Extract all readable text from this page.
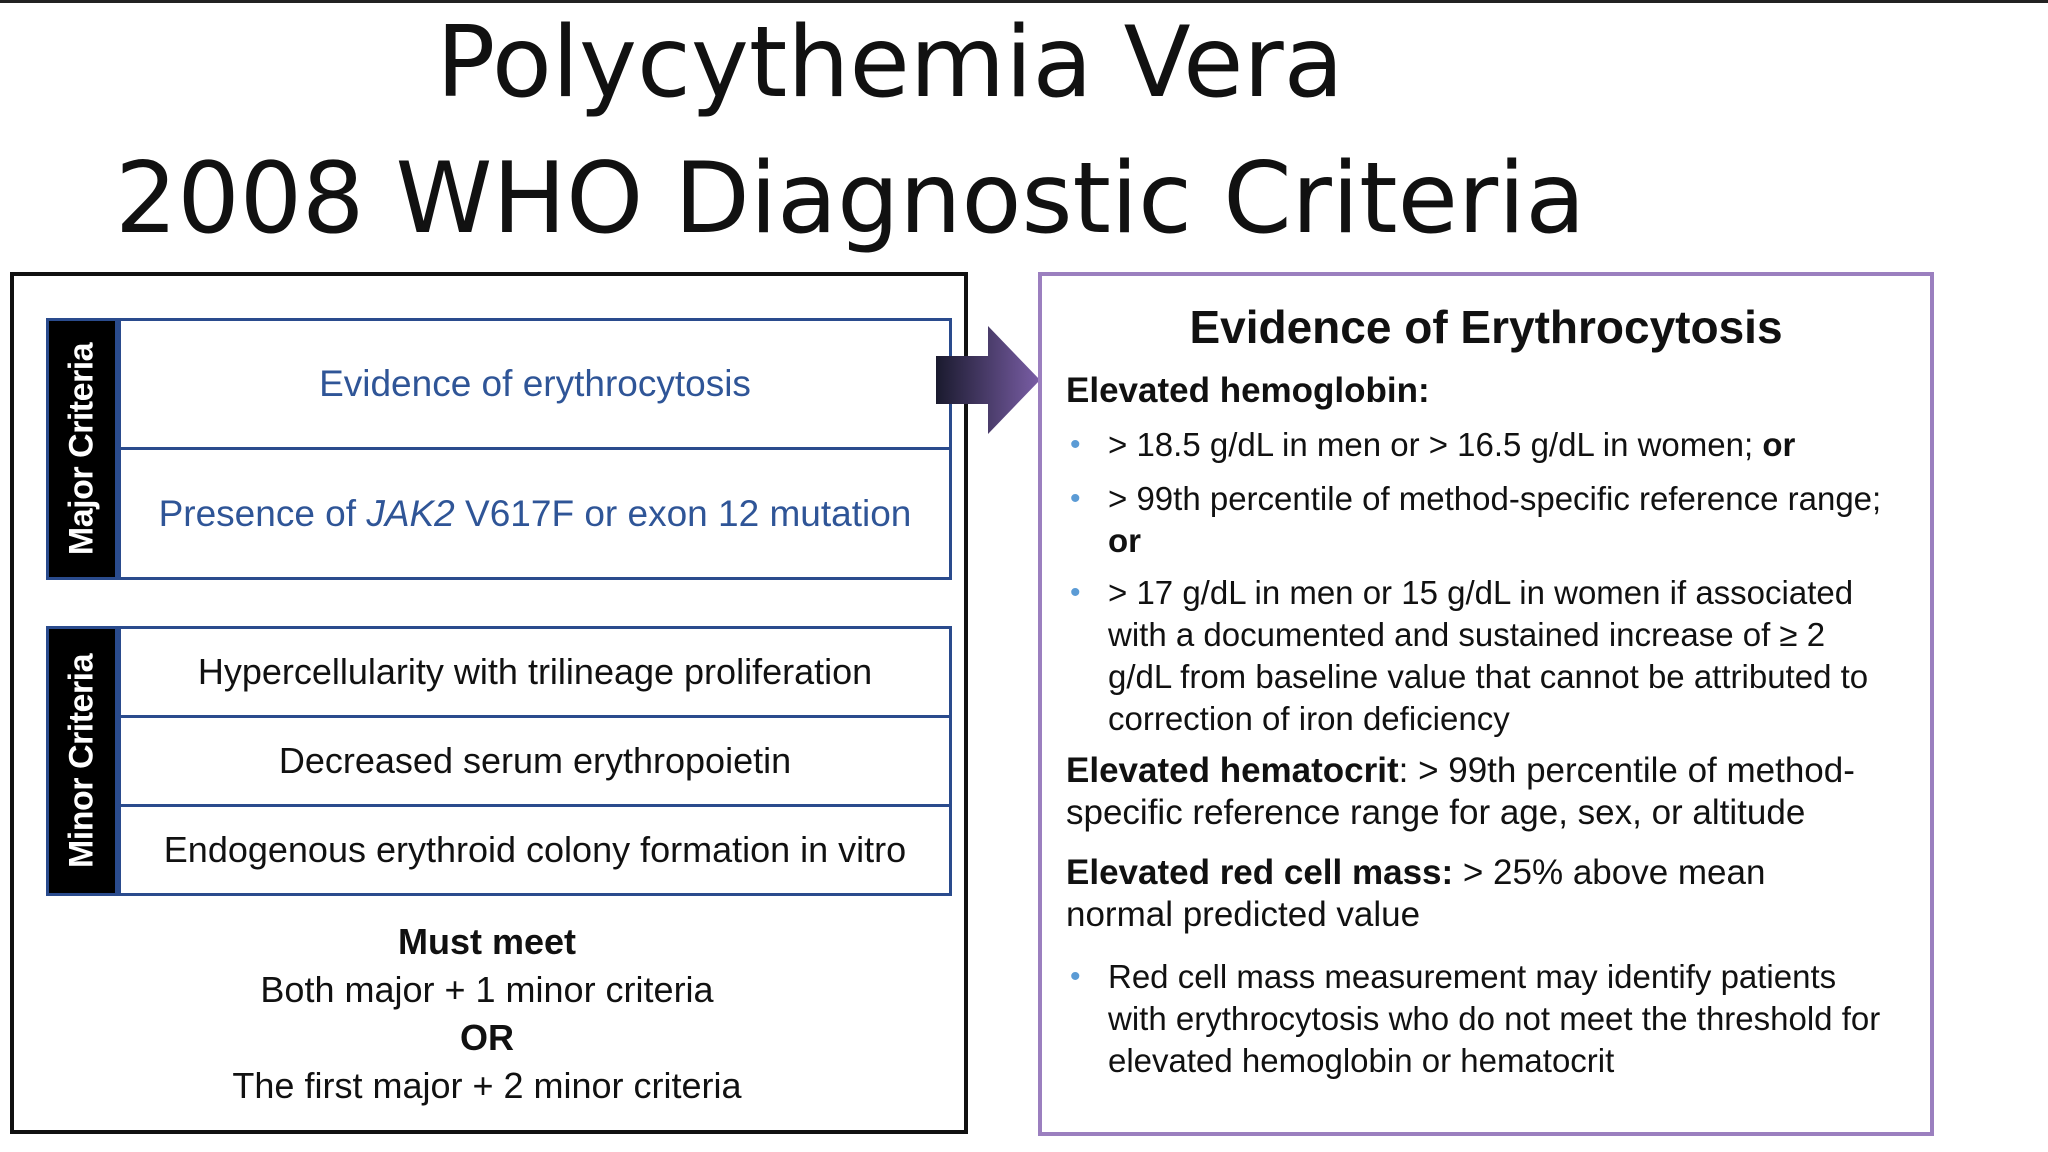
Polycythemia Vera
2008 WHO Diagnostic Criteria
Major Criteria	Evidence of erythrocytosis
Presence of JAK2 V617F or exon 12 mutation
Minor Criteria	Hypercellularity with trilineage proliferation
Decreased serum erythropoietin
Endogenous erythroid colony formation in vitro
Must meet
Both major + 1 minor criteria
OR
The first major + 2 minor criteria
Evidence of Erythrocytosis
Elevated hemoglobin:
• > 18.5 g/dL in men or > 16.5 g/dL in women; or
• > 99th percentile of method-specific reference range;
or
• > 17 g/dL in men or 15 g/dL in women if associated
with a documented and sustained increase of ≥ 2
g/dL from baseline value that cannot be attributed to
correction of iron deficiency
Elevated hematocrit: > 99th percentile of method-
specific reference range for age, sex, or altitude
Elevated red cell mass: > 25% above mean
normal predicted value
• Red cell mass measurement may identify patients
with erythrocytosis who do not meet the threshold for
elevated hemoglobin or hematocrit
